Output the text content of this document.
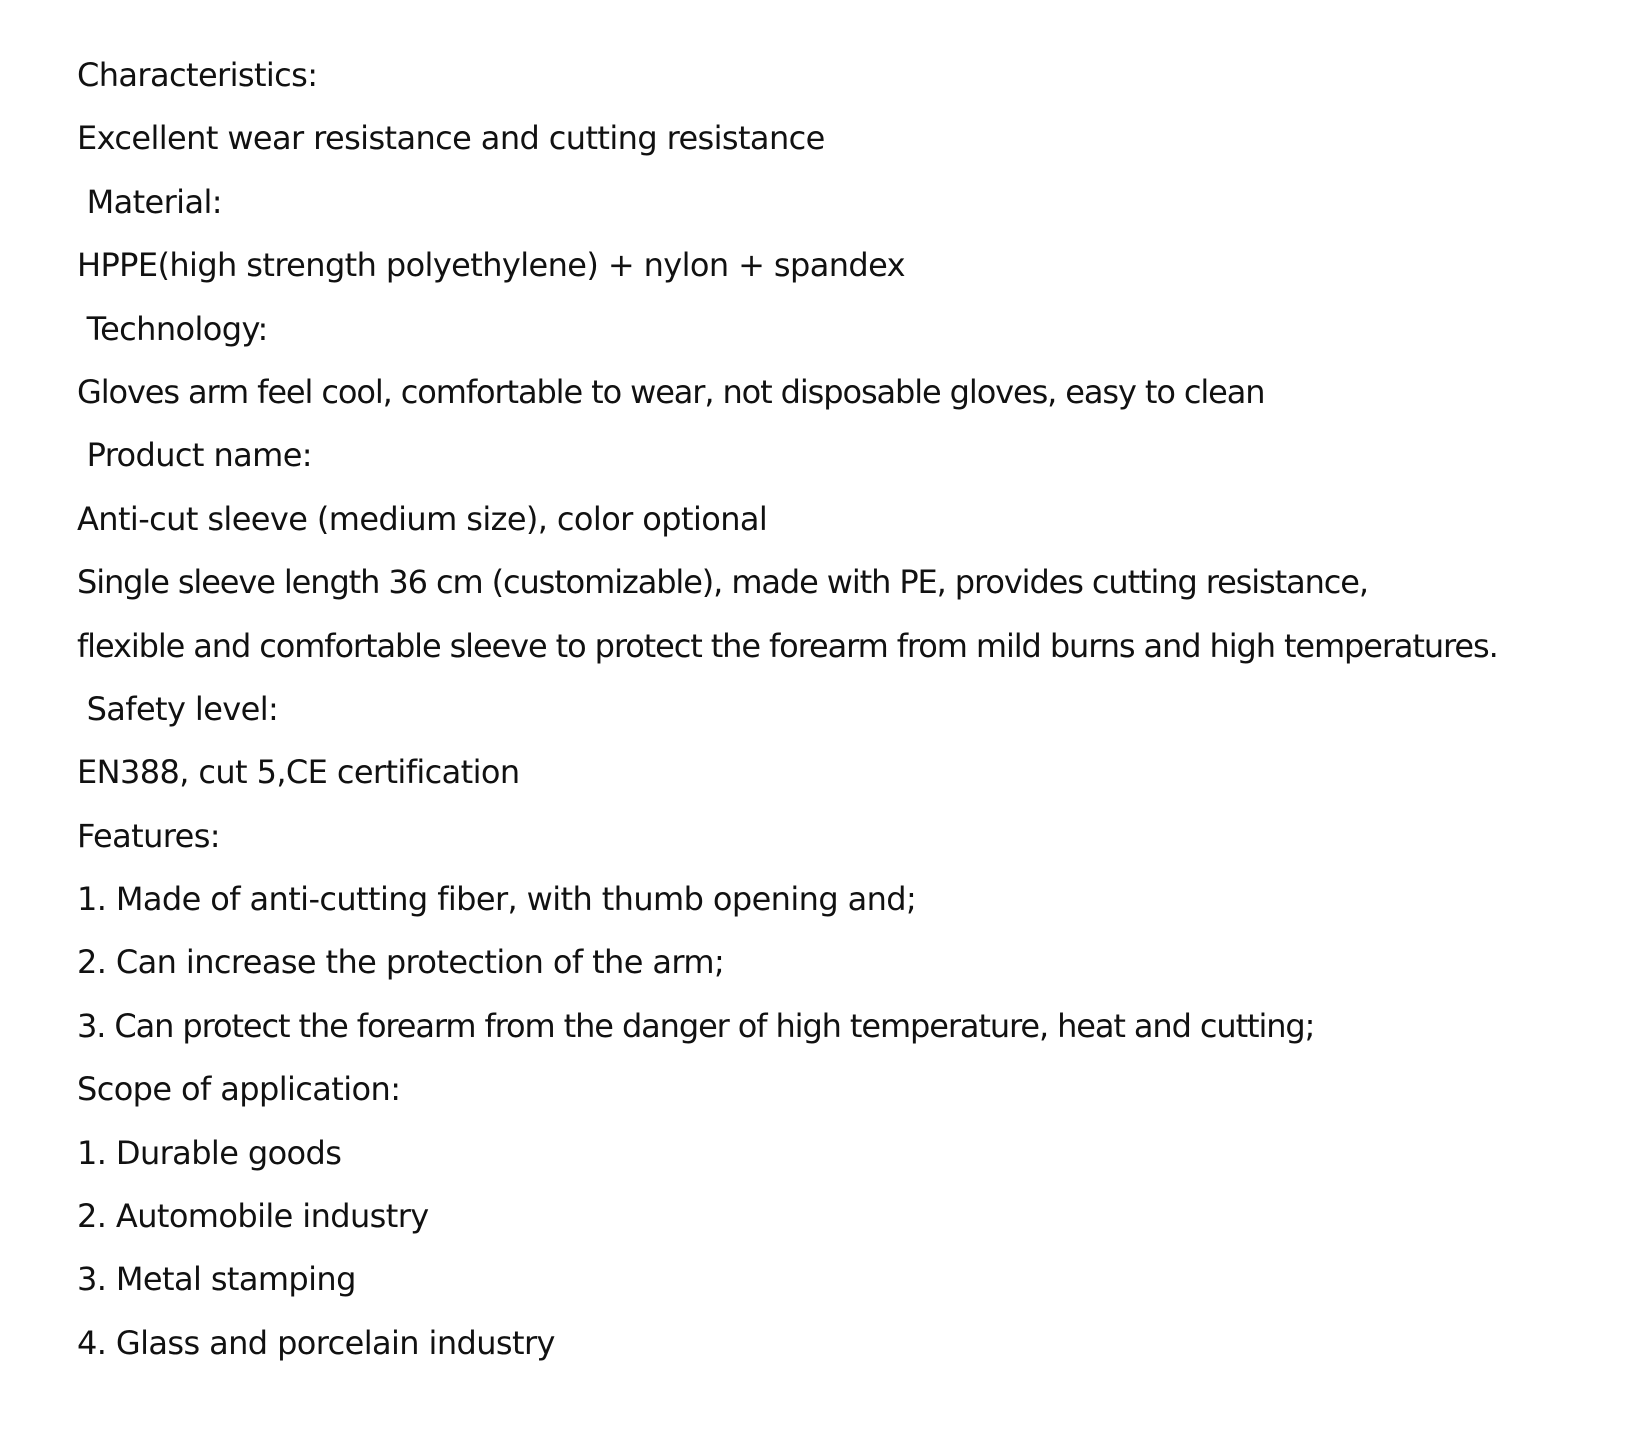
Characteristics:
Excellent wear resistance and cutting resistance
Material:
HPPE(high strength polyethylene) + nylon + spandex
Technology:
Gloves arm feel cool, comfortable to wear, not disposable gloves, easy to clean
Product name:
Anti-cut sleeve (medium size), color optional
Single sleeve length 36 cm (customizable), made with PE, provides cutting resistance,
flexible and comfortable sleeve to protect the forearm from mild burns and high temperatures.
Safety level:
EN388, cut 5,CE certification
Features:
1. Made of anti-cutting fiber, with thumb opening and;
2. Can increase the protection of the arm;
3. Can protect the forearm from the danger of high temperature, heat and cutting;
Scope of application:
1. Durable goods
2. Automobile industry
3. Metal stamping
4. Glass and porcelain industry
